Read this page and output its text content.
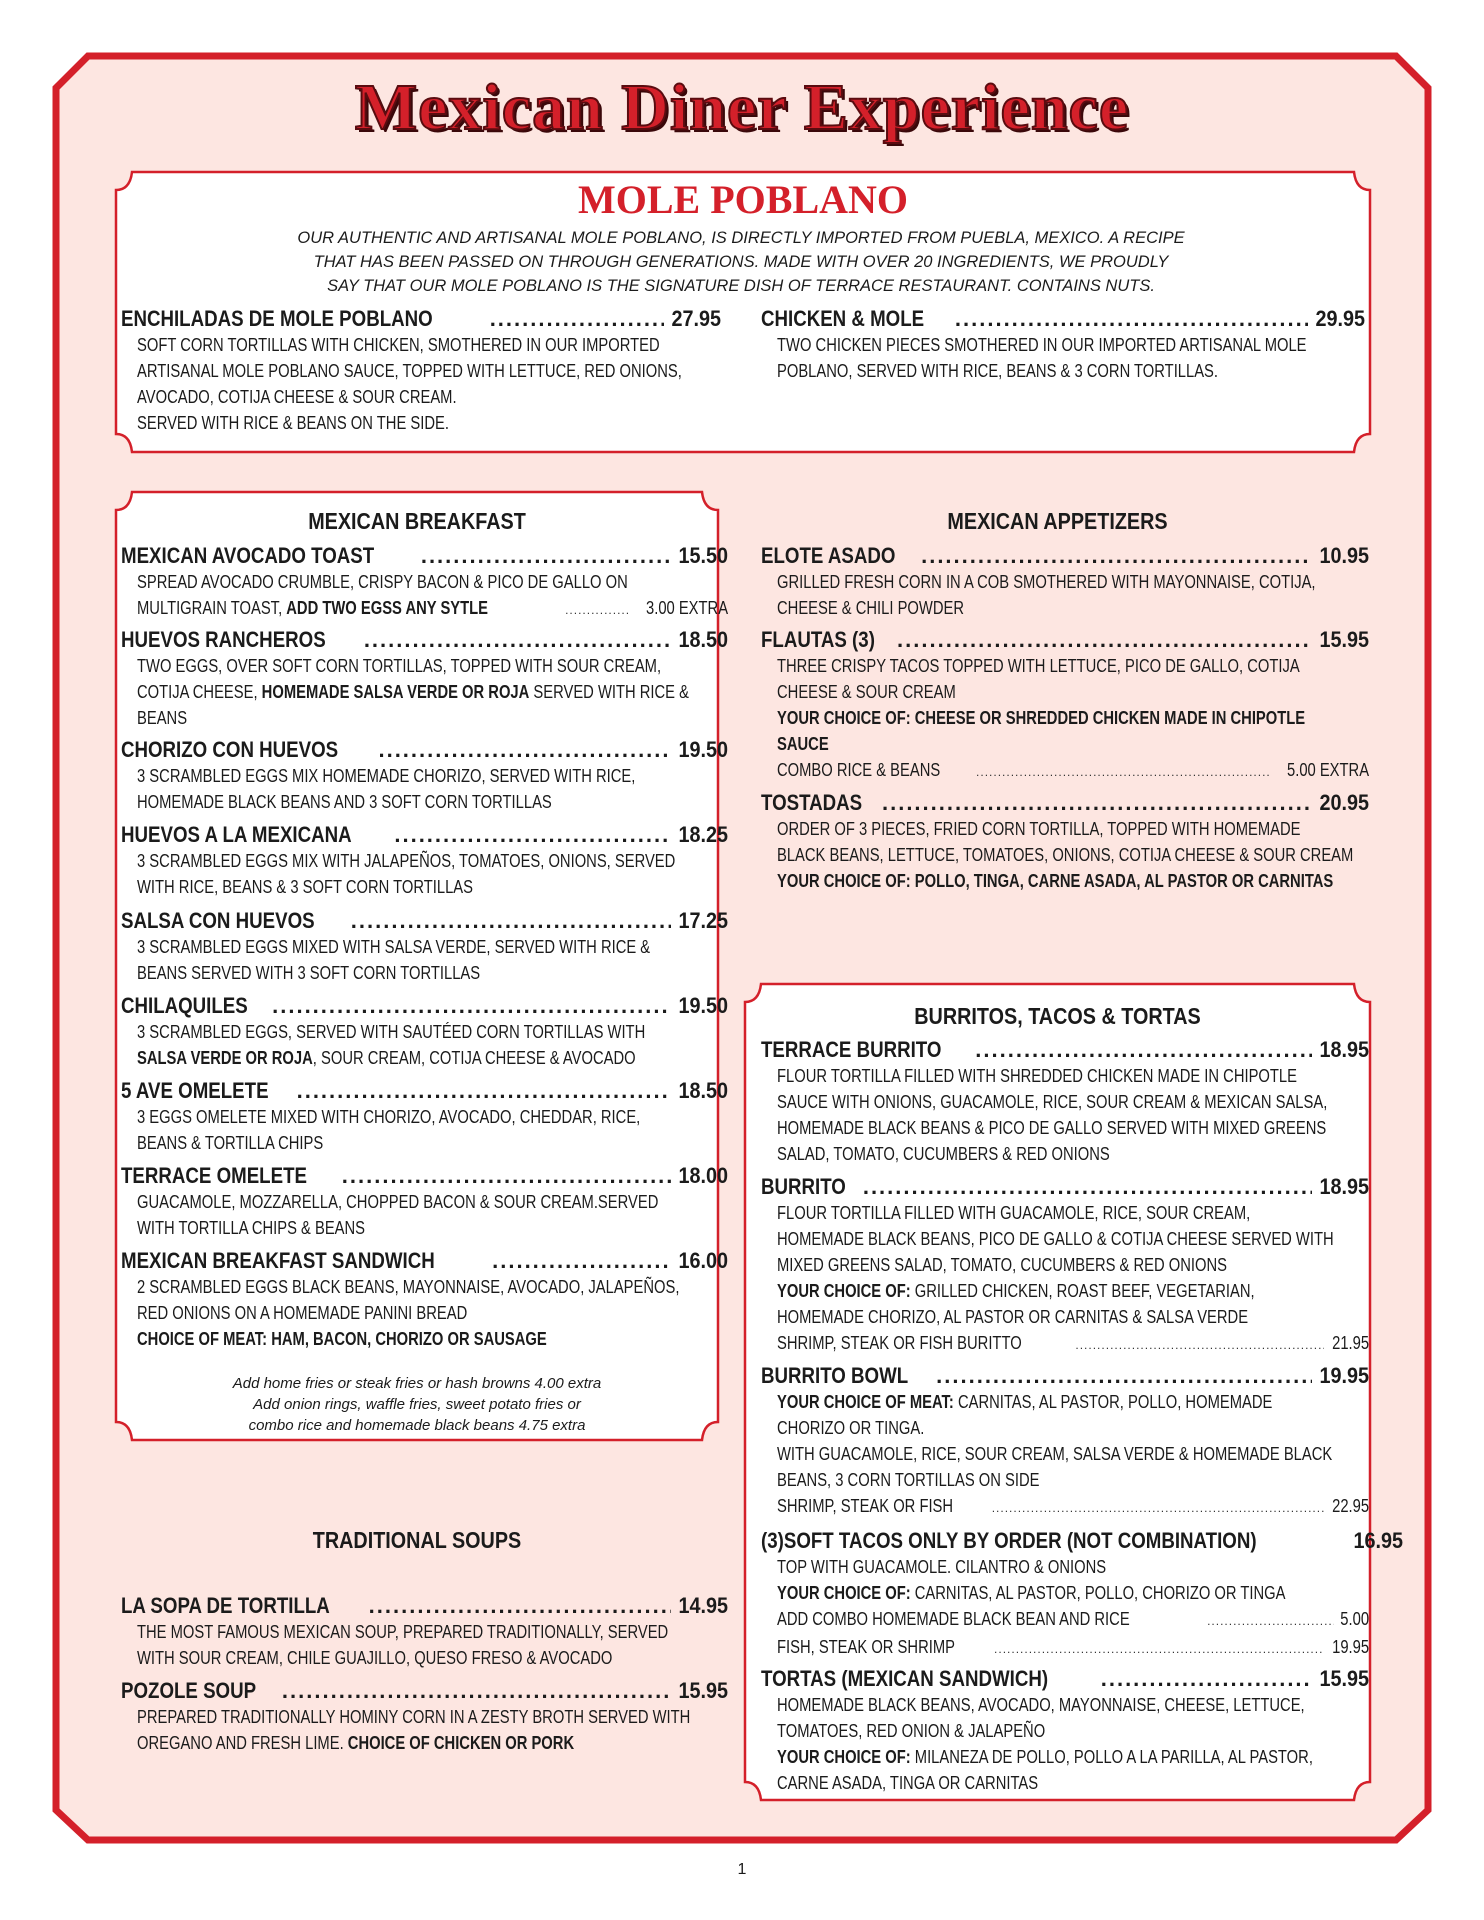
Mexican Diner Experience
MOLE POBLANO
OUR AUTHENTIC AND ARTISANAL MOLE POBLANO, IS DIRECTLY IMPORTED FROM PUEBLA, MEXICO. A RECIPE
THAT HAS BEEN PASSED ON THROUGH GENERATIONS. MADE WITH OVER 20 INGREDIENTS, WE PROUDLY
SAY THAT OUR MOLE POBLANO IS THE SIGNATURE DISH OF TERRACE RESTAURANT. CONTAINS NUTS.
ENCHILADAS DE MOLE POBLANO .....	27.95
SOFT CORN TORTILLAS WITH CHICKEN, SMOTHERED IN OUR IMPORTED
ARTISANAL MOLE POBLANO SAUCE, TOPPED WITH LETTUCE, RED ONIONS,
AVOCADO, COTIJA CHEESE & SOUR CREAM.
SERVED WITH RICE & BEANS ON THE SIDE.
CHICKEN & MOLE .....	29.95
TWO CHICKEN PIECES SMOTHERED IN OUR IMPORTED ARTISANAL MOLE
POBLANO, SERVED WITH RICE, BEANS & 3 CORN TORTILLAS.
MEXICAN BREAKFAST
MEXICAN AVOCADO TOAST .....	15.50
SPREAD AVOCADO CRUMBLE, CRISPY BACON & PICO DE GALLO ON
MULTIGRAIN TOAST, ADD TWO EGSS ANY SYTLE .....	3.00 EXTRA
HUEVOS RANCHEROS .....	18.50
TWO EGGS, OVER SOFT CORN TORTILLAS, TOPPED WITH SOUR CREAM,
COTIJA CHEESE, HOMEMADE SALSA VERDE OR ROJA SERVED WITH RICE &
BEANS
CHORIZO CON HUEVOS .....	19.50
3 SCRAMBLED EGGS MIX HOMEMADE CHORIZO, SERVED WITH RICE,
HOMEMADE BLACK BEANS AND 3 SOFT CORN TORTILLAS
HUEVOS A LA MEXICANA .....	18.25
3 SCRAMBLED EGGS MIX WITH JALAPEÑOS, TOMATOES, ONIONS, SERVED
WITH RICE, BEANS & 3 SOFT CORN TORTILLAS
SALSA CON HUEVOS .....	17.25
3 SCRAMBLED EGGS MIXED WITH SALSA VERDE, SERVED WITH RICE &
BEANS SERVED WITH 3 SOFT CORN TORTILLAS
CHILAQUILES .....	19.50
3 SCRAMBLED EGGS, SERVED WITH SAUTÉED CORN TORTILLAS WITH
SALSA VERDE OR ROJA, SOUR CREAM, COTIJA CHEESE & AVOCADO
5 AVE OMELETE .....	18.50
3 EGGS OMELETE MIXED WITH CHORIZO, AVOCADO, CHEDDAR, RICE,
BEANS & TORTILLA CHIPS
TERRACE OMELETE .....	18.00
GUACAMOLE, MOZZARELLA, CHOPPED BACON & SOUR CREAM.SERVED
WITH TORTILLA CHIPS & BEANS
MEXICAN BREAKFAST SANDWICH .....	16.00
2 SCRAMBLED EGGS BLACK BEANS, MAYONNAISE, AVOCADO, JALAPEÑOS,
RED ONIONS ON A HOMEMADE PANINI BREAD
CHOICE OF MEAT: HAM, BACON, CHORIZO OR SAUSAGE
Add home fries or steak fries or hash browns 4.00 extra
Add onion rings, waffle fries, sweet potato fries or
combo rice and homemade black beans 4.75 extra
TRADITIONAL SOUPS
LA SOPA DE TORTILLA .....	14.95
THE MOST FAMOUS MEXICAN SOUP, PREPARED TRADITIONALLY, SERVED
WITH SOUR CREAM, CHILE GUAJILLO, QUESO FRESO & AVOCADO
POZOLE SOUP .....	15.95
PREPARED TRADITIONALLY HOMINY CORN IN A ZESTY BROTH SERVED WITH
OREGANO AND FRESH LIME. CHOICE OF CHICKEN OR PORK
MEXICAN APPETIZERS
ELOTE ASADO .....	10.95
GRILLED FRESH CORN IN A COB SMOTHERED WITH MAYONNAISE, COTIJA,
CHEESE & CHILI POWDER
FLAUTAS (3) .....	15.95
THREE CRISPY TACOS TOPPED WITH LETTUCE, PICO DE GALLO, COTIJA
CHEESE & SOUR CREAM
YOUR CHOICE OF: CHEESE OR SHREDDED CHICKEN MADE IN CHIPOTLE
SAUCE
COMBO RICE & BEANS .....	5.00 EXTRA
TOSTADAS .....	20.95
ORDER OF 3 PIECES, FRIED CORN TORTILLA, TOPPED WITH HOMEMADE
BLACK BEANS, LETTUCE, TOMATOES, ONIONS, COTIJA CHEESE & SOUR CREAM
YOUR CHOICE OF: POLLO, TINGA, CARNE ASADA, AL PASTOR OR CARNITAS
BURRITOS, TACOS & TORTAS
TERRACE BURRITO .....	18.95
FLOUR TORTILLA FILLED WITH SHREDDED CHICKEN MADE IN CHIPOTLE
SAUCE WITH ONIONS, GUACAMOLE, RICE, SOUR CREAM & MEXICAN SALSA,
HOMEMADE BLACK BEANS & PICO DE GALLO SERVED WITH MIXED GREENS
SALAD, TOMATO, CUCUMBERS & RED ONIONS
BURRITO .....	18.95
FLOUR TORTILLA FILLED WITH GUACAMOLE, RICE, SOUR CREAM,
HOMEMADE BLACK BEANS, PICO DE GALLO & COTIJA CHEESE SERVED WITH
MIXED GREENS SALAD, TOMATO, CUCUMBERS & RED ONIONS
YOUR CHOICE OF: GRILLED CHICKEN, ROAST BEEF, VEGETARIAN,
HOMEMADE CHORIZO, AL PASTOR OR CARNITAS & SALSA VERDE
SHRIMP, STEAK OR FISH BURITTO .....	21.95
BURRITO BOWL .....	19.95
YOUR CHOICE OF MEAT: CARNITAS, AL PASTOR, POLLO, HOMEMADE
CHORIZO OR TINGA.
WITH GUACAMOLE, RICE, SOUR CREAM, SALSA VERDE & HOMEMADE BLACK
BEANS, 3 CORN TORTILLAS ON SIDE
SHRIMP, STEAK OR FISH .....	22.95
(3)SOFT TACOS ONLY BY ORDER (NOT COMBINATION)	16.95
TOP WITH GUACAMOLE. CILANTRO & ONIONS
YOUR CHOICE OF: CARNITAS, AL PASTOR, POLLO, CHORIZO OR TINGA
ADD COMBO HOMEMADE BLACK BEAN AND RICE .....	5.00
FISH, STEAK OR SHRIMP .....	19.95
TORTAS (MEXICAN SANDWICH) .....	15.95
HOMEMADE BLACK BEANS, AVOCADO, MAYONNAISE, CHEESE, LETTUCE,
TOMATOES, RED ONION & JALAPEÑO
YOUR CHOICE OF: MILANEZA DE POLLO, POLLO A LA PARILLA, AL PASTOR,
CARNE ASADA, TINGA OR CARNITAS
1
